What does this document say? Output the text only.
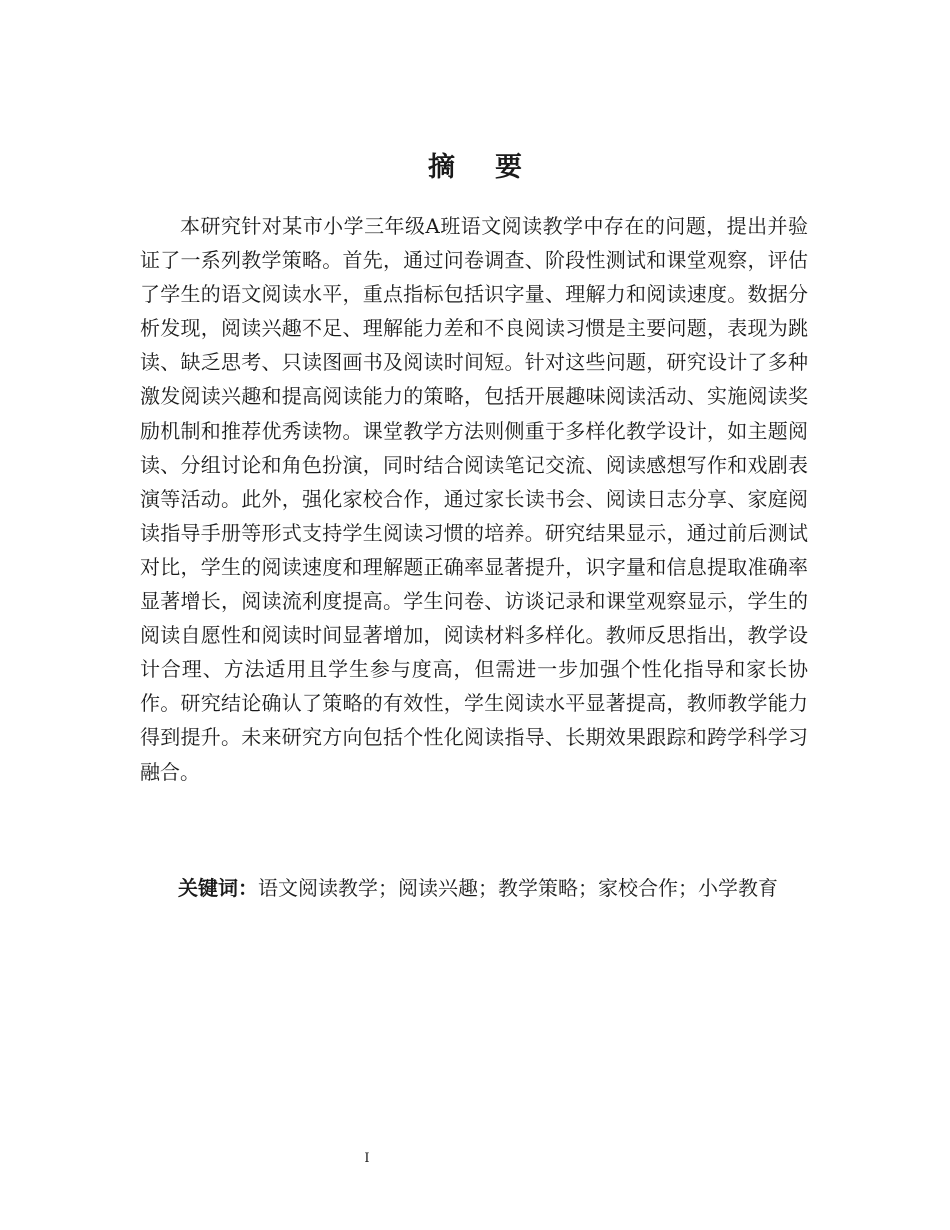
摘 要

本研究针对某市小学三年级A班语文阅读教学中存在的问题，提出并验证了一系列教学策略。首先，通过问卷调查、阶段性测试和课堂观察，评估了学生的语文阅读水平，重点指标包括识字量、理解力和阅读速度。数据分析发现，阅读兴趣不足、理解能力差和不良阅读习惯是主要问题，表现为跳读、缺乏思考、只读图画书及阅读时间短。针对这些问题，研究设计了多种激发阅读兴趣和提高阅读能力的策略，包括开展趣味阅读活动、实施阅读奖励机制和推荐优秀读物。课堂教学方法则侧重于多样化教学设计，如主题阅读、分组讨论和角色扮演，同时结合阅读笔记交流、阅读感想写作和戏剧表演等活动。此外，强化家校合作，通过家长读书会、阅读日志分享、家庭阅读指导手册等形式支持学生阅读习惯的培养。研究结果显示，通过前后测试对比，学生的阅读速度和理解题正确率显著提升，识字量和信息提取准确率显著增长，阅读流利度提高。学生问卷、访谈记录和课堂观察显示，学生的阅读自愿性和阅读时间显著增加，阅读材料多样化。教师反思指出，教学设计合理、方法适用且学生参与度高，但需进一步加强个性化指导和家长协作。研究结论确认了策略的有效性，学生阅读水平显著提高，教师教学能力得到提升。未来研究方向包括个性化阅读指导、长期效果跟踪和跨学科学习融合。

关键词：语文阅读教学；阅读兴趣；教学策略；家校合作；小学教育

I
